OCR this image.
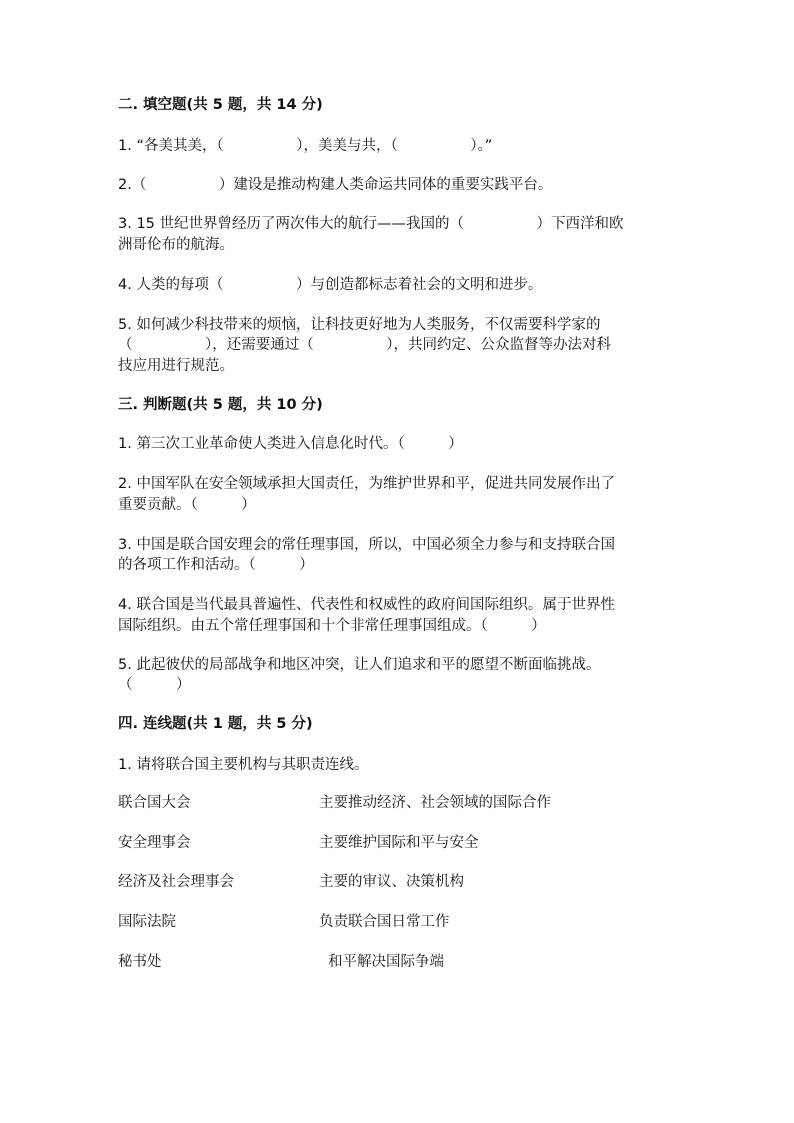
二. 填空题(共 5 题，共 14 分)
1. “各美其美，（　　　　　），美美与共，（　　　　　）。”
2.（　　　　　）建设是推动构建人类命运共同体的重要实践平台。
3. 15 世纪世界曾经历了两次伟大的航行——我国的（　　　　　）下西洋和欧
洲哥伦布的航海。
4. 人类的每项（　　　　　）与创造都标志着社会的文明和进步。
5. 如何减少科技带来的烦恼，让科技更好地为人类服务，不仅需要科学家的
（　　　　　），还需要通过（　　　　　），共同约定、公众监督等办法对科
技应用进行规范。
三. 判断题(共 5 题，共 10 分)
1. 第三次工业革命使人类进入信息化时代。（　　　）
2. 中国军队在安全领域承担大国责任，为维护世界和平，促进共同发展作出了
重要贡献。（　　　）
3. 中国是联合国安理会的常任理事国，所以，中国必须全力参与和支持联合国
的各项工作和活动。（　　　）
4. 联合国是当代最具普遍性、代表性和权威性的政府间国际组织。属于世界性
国际组织。由五个常任理事国和十个非常任理事国组成。（　　　）
5. 此起彼伏的局部战争和地区冲突，让人们追求和平的愿望不断面临挑战。
（　　　）
四. 连线题(共 1 题，共 5 分)
1. 请将联合国主要机构与其职责连线。
联合国大会	主要推动经济、社会领域的国际合作
安全理事会	主要维护国际和平与安全
经济及社会理事会	主要的审议、决策机构
国际法院	负责联合国日常工作
秘书处	和平解决国际争端
